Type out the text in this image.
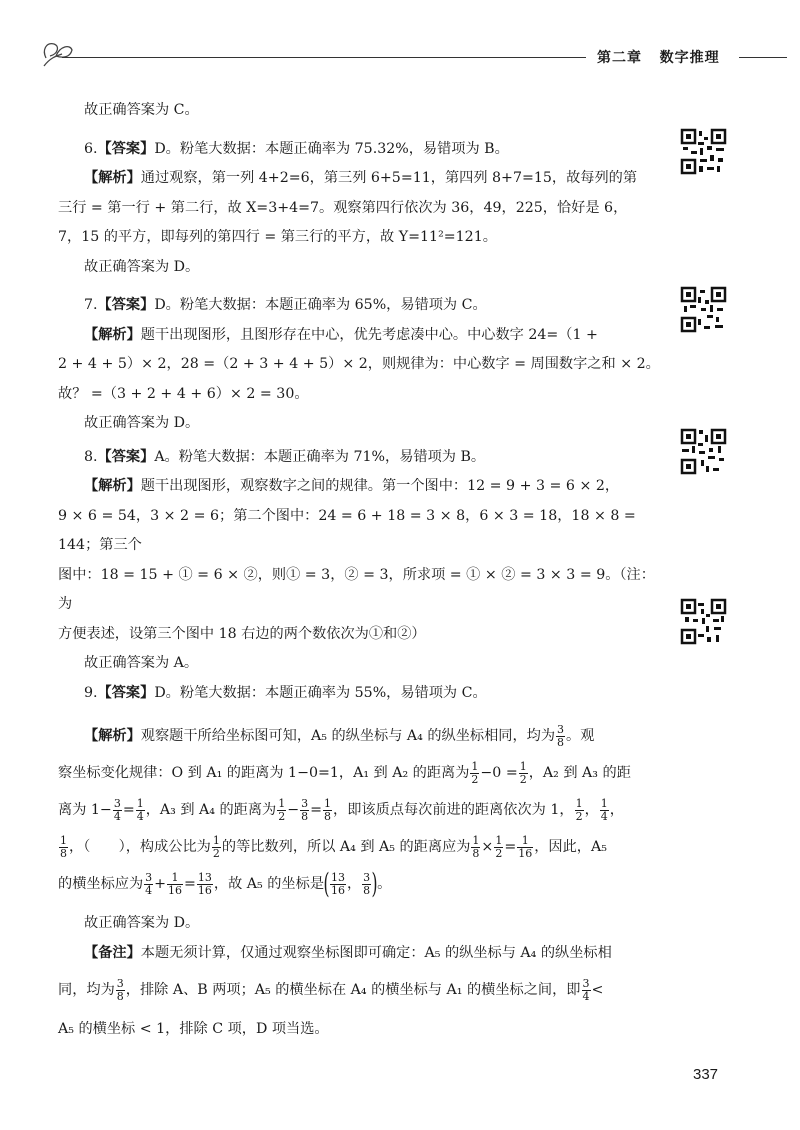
第二章 数字推理

故正确答案为 C。

6.【答案】D。粉笔大数据：本题正确率为 75.32%，易错项为 B。

【解析】通过观察，第一列 4+2=6，第三列 6+5=11，第四列 8+7=15，故每列的第

三行 = 第一行 + 第二行，故 X=3+4=7。观察第四行依次为 36，49，225，恰好是 6，

7，15 的平方，即每列的第四行 = 第三行的平方，故 Y=11²=121。

故正确答案为 D。

7.【答案】D。粉笔大数据：本题正确率为 65%，易错项为 C。

【解析】题干出现图形，且图形存在中心，优先考虑凑中心。中心数字 24=（1 +

2 + 4 + 5）× 2，28 =（2 + 3 + 4 + 5）× 2，则规律为：中心数字 = 周围数字之和 × 2。

故？ =（3 + 2 + 4 + 6）× 2 = 30。

故正确答案为 D。

8.【答案】A。粉笔大数据：本题正确率为 71%，易错项为 B。

【解析】题干出现图形，观察数字之间的规律。第一个图中：12 = 9 + 3 = 6 × 2，

9 × 6 = 54，3 × 2 = 6；第二个图中：24 = 6 + 18 = 3 × 8，6 × 3 = 18，18 × 8 = 144；第三个

图中：18 = 15 + ① = 6 × ②，则① = 3，② = 3，所求项 = ① × ② = 3 × 3 = 9。（注：为

方便表述，设第三个图中 18 右边的两个数依次为①和②）

故正确答案为 A。

9.【答案】D。粉笔大数据：本题正确率为 55%，易错项为 C。

【解析】观察题干所给坐标图可知，A₅ 的纵坐标与 A₄ 的纵坐标相同，均为 $\frac{3}{8}$ 。观

察坐标变化规律：O 到 A₁ 的距离为 1−0=1，A₁ 到 A₂ 的距离为 $\frac{1}{2} -0 = \frac{1}{2}$ ，A₂ 到 A₃ 的距

离为 $1- \frac{3}{4} = \frac{1}{4}$ ，A₃ 到 A₄ 的距离为 $\frac{1}{2} - \frac{3}{8} = \frac{1}{8}$ ，即该质点每次前进的距离依次为 1， $\frac{1}{2}$ ， $\frac{1}{4}$ ，

$\frac{1}{8}$ ，（　　），构成公比为 $\frac{1}{2}$ 的等比数列，所以 A₄ 到 A₅ 的距离应为 $\frac{1}{8} \times \frac{1}{2} = \frac{1}{16}$ ，因此，A₅

的横坐标应为 $\frac{3}{4} + \frac{1}{16} = \frac{13}{16}$ ，故 A₅ 的坐标是( $\frac{13}{16}$ ， $\frac{3}{8}$ )。

故正确答案为 D。

【备注】本题无须计算，仅通过观察坐标图即可确定：A₅ 的纵坐标与 A₄ 的纵坐标相

同，均为 $\frac{3}{8}$ ，排除 A、B 两项；A₅ 的横坐标在 A₄ 的横坐标与 A₁ 的横坐标之间，即 $\frac{3}{4}$ <

A₅ 的横坐标 < 1，排除 C 项，D 项当选。

337
